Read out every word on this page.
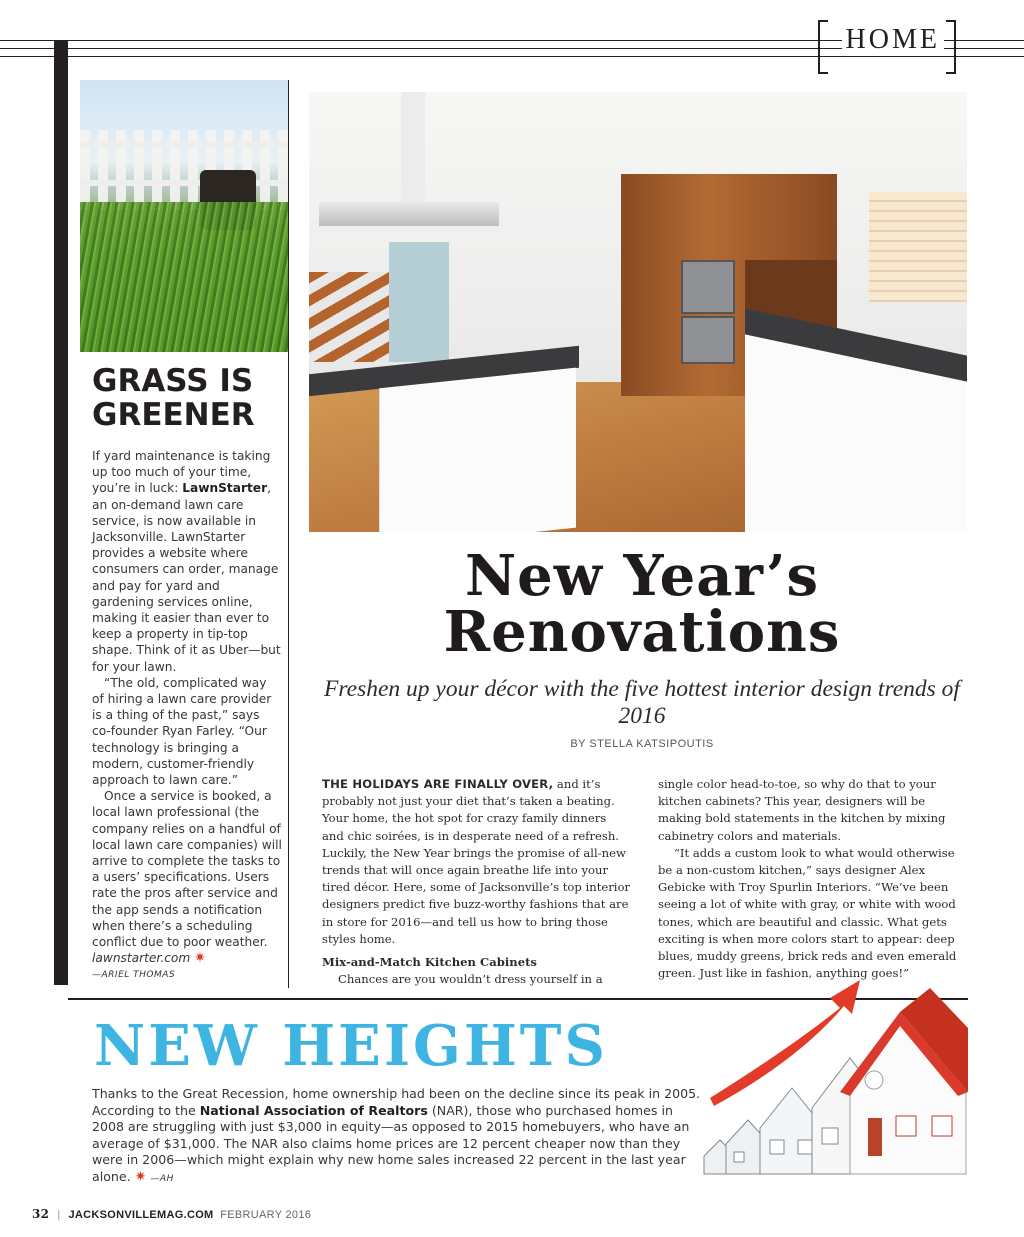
HOME
GRASS IS
GREENER

If yard maintenance is taking up too much of your time, you’re in luck: LawnStarter, an on-demand lawn care service, is now available in Jacksonville. LawnStarter provides a website where consumers can order, manage and pay for yard and gardening services online, making it easier than ever to keep a property in tip-top shape. Think of it as Uber—but for your lawn.

“The old, complicated way of hiring a lawn care provider is a thing of the past,” says co-founder Ryan Farley. “Our technology is bringing a modern, customer-friendly approach to lawn care.”

Once a service is booked, a local lawn professional (the company relies on a handful of local lawn care companies) will arrive to complete the tasks to a users’ specifications. Users rate the pros after service and the app sends a notification when there’s a scheduling conflict due to poor weather. lawnstarter.com ✷

—ARIEL THOMAS

New Year’s
Renovations
Freshen up your décor with the five hottest interior design trends of 2016
BY STELLA KATSIPOUTIS

THE HOLIDAYS ARE FINALLY OVER, and it’s probably not just your diet that’s taken a beating. Your home, the hot spot for crazy family dinners and chic soirées, is in desperate need of a refresh. Luckily, the New Year brings the promise of all-new trends that will once again breathe life into your tired décor. Here, some of Jacksonville’s top interior designers predict five buzz-worthy fashions that are in store for 2016—and tell us how to bring those styles home.

Mix-and-Match Kitchen Cabinets

Chances are you wouldn’t dress yourself in a

single color head-to-toe, so why do that to your kitchen cabinets? This year, designers will be making bold statements in the kitchen by mixing cabinetry colors and materials.

“It adds a custom look to what would otherwise be a non-custom kitchen,” says designer Alex Gebicke with Troy Spurlin Interiors. “We’ve been seeing a lot of white with gray, or white with wood tones, which are beautiful and classic. What gets exciting is when more colors start to appear: deep blues, muddy greens, brick reds and even emerald green. Just like in fashion, anything goes!”

NEW HEIGHTS
Thanks to the Great Recession, home ownership had been on the decline since its peak in 2005. According to the National Association of Realtors (NAR), those who purchased homes in 2008 are struggling with just $3,000 in equity—as opposed to 2015 homebuyers, who have an average of $31,000. The NAR also claims home prices are 12 percent cheaper now than they were in 2006—which might explain why new home sales increased 22 percent in the last year alone. ✷ —AH
32 | JACKSONVILLEMAG.COM FEBRUARY 2016
